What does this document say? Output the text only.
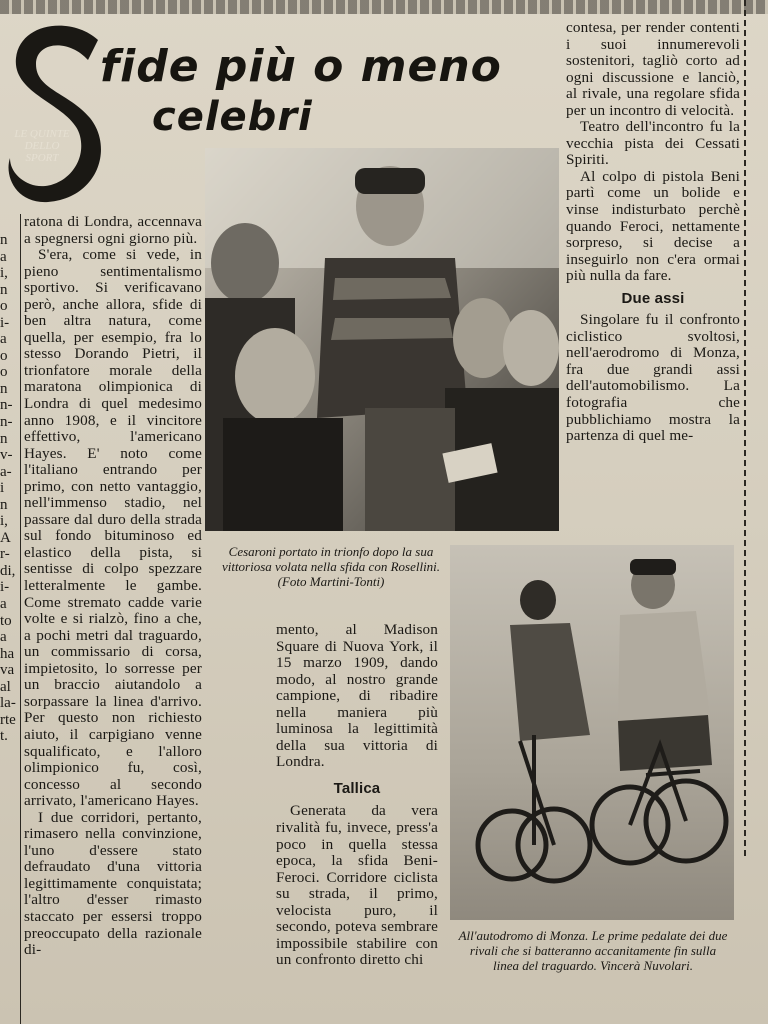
LE QUINTE
DELLO
SPORT
fide più o meno
celebri
n
a
i,
n
o
i-
a
o
o
n
n-
n-
n
v-
a-
i
n
i,
A
r-
di,
i-
a
to
a
ha
va
al
la-
rte
t.

ratona di Londra, accennava a spegnersi ogni giorno più.

S'era, come si vede, in pieno sentimentalismo sportivo. Si verificavano però, anche allora, sfide di ben altra natura, come quella, per esempio, fra lo stesso Dorando Pietri, il trionfatore morale della maratona olimpionica di Londra di quel medesimo anno 1908, e il vincitore effettivo, l'americano Hayes. E' noto come l'italiano entrando per primo, con netto vantaggio, nell'immenso stadio, nel passare dal duro della strada sul fondo bituminoso ed elastico della pista, si sentisse di colpo spezzare letteralmente le gambe. Come stremato cadde varie volte e si rialzò, fino a che, a pochi metri dal traguardo, un commissario di corsa, impietosito, lo sorresse per un braccio aiutandolo a sorpassare la linea d'arrivo. Per questo non richiesto aiuto, il carpigiano venne squalificato, e l'alloro olimpionico fu, così, concesso al secondo arrivato, l'americano Hayes.

I due corridori, pertanto, rimasero nella convinzione, l'uno d'essere stato defraudato d'una vittoria legittimamente conquistata; l'altro d'esser rimasto staccato per essersi troppo preoccupato della razionale di-

contesa, per render contenti i suoi innumerevoli sostenitori, tagliò corto ad ogni discussione e lanciò, al rivale, una regolare sfida per un incontro di velocità.

Teatro dell'incontro fu la vecchia pista dei Cessati Spiriti.

Al colpo di pistola Beni partì come un bolide e vinse indisturbato perchè quando Feroci, nettamente sorpreso, si decise a inseguirlo non c'era ormai più nulla da fare.

Due assi

Singolare fu il confronto ciclistico svoltosi, nell'aerodromo di Monza, fra due grandi assi dell'automobilismo. La fotografia che pubblichiamo mostra la partenza di quel me-

Cesaroni portato in trionfo dopo la sua vittoriosa volata nella sfida con Rosellini. (Foto Martini-Tonti)

mento, al Madison Square di Nuova York, il 15 marzo 1909, dando modo, al nostro grande campione, di ribadire nella maniera più luminosa la legittimità della sua vittoria di Londra.

Tallica

Generata da vera rivalità fu, invece, press'a poco in quella stessa epoca, la sfida Beni-Feroci. Corridore ciclista su strada, il primo, velocista puro, il secondo, poteva sembrare impossibile stabilire con un confronto diretto chi

All'autodromo di Monza. Le prime pedalate dei due rivali che si batteranno accanitamente fin sulla linea del traguardo. Vincerà Nuvolari.
